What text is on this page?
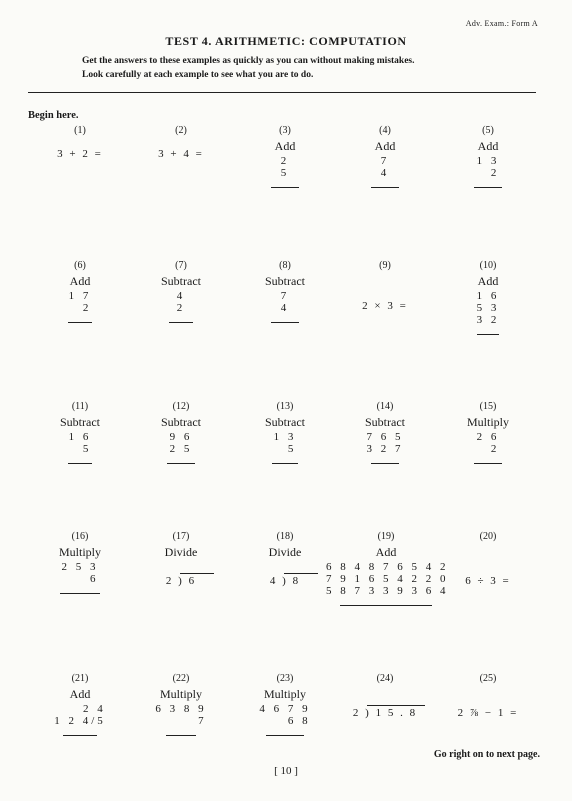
Adv. Exam.: Form A
TEST 4. ARITHMETIC: COMPUTATION
Get the answers to these examples as quickly as you can without making mistakes.
Look carefully at each example to see what you are to do.
Begin here.
(1)
3 + 2 =
(2)
3 + 4 =
(3)
Add
2
5
(4)
Add
7
4
(5)
Add
1 3
2
(6)
Add
1 7
2
(7)
Subtract
4
2
(8)
Subtract
7
4
(9)
2 × 3 =
(10)
Add
1 6
5 3
3 2
(11)
Subtract
1 6
5
(12)
Subtract
9 6
2 5
(13)
Subtract
1 3
5
(14)
Subtract
7 6 5
3 2 7
(15)
Multiply
2 6
2
(16)
Multiply
2 5 3
6
(17)
Divide
2 ) 6
(18)
Divide
4 ) 8
(19)
Add
6 8 4 8 7 6 5 4 2
7 9 1 6 5 4 2 2 0
5 8 7 3 3 9 3 6 4
(20)
6 ÷ 3 =
(21)
Add
2 4
1 2 4/5
(22)
Multiply
6 3 8 9
7
(23)
Multiply
4 6 7 9
6 8
(24)
2 ) 1 5 . 8
(25)
2 ⅞ − 1 =
Go right on to next page.
[ 10 ]
